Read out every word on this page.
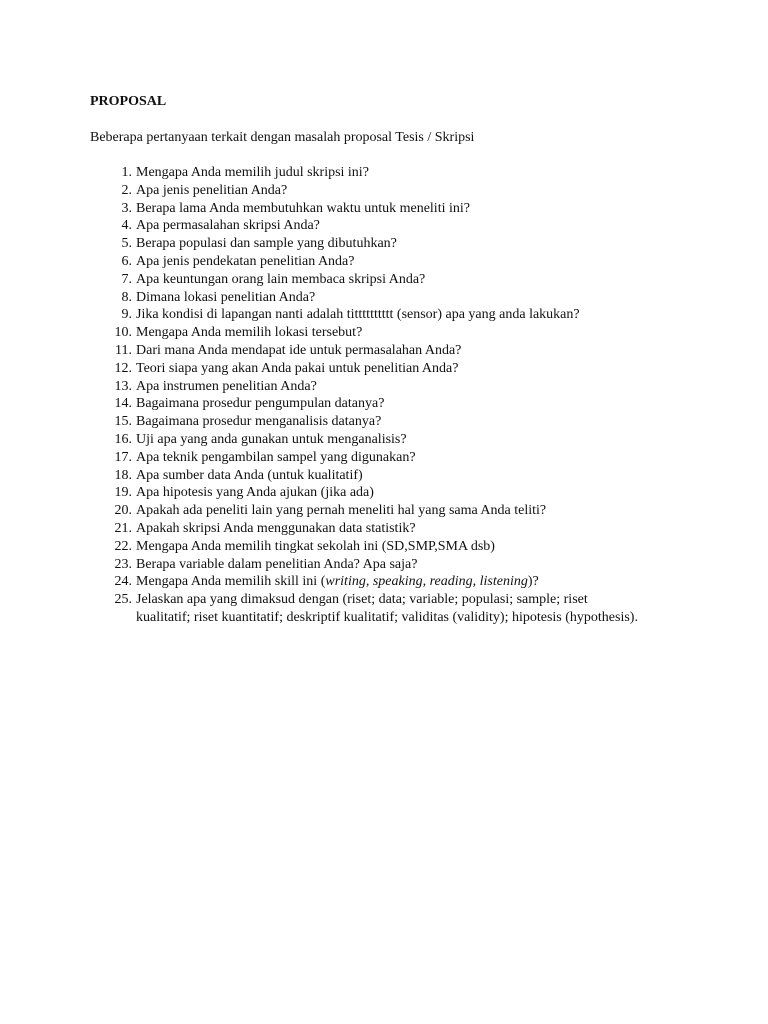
PROPOSAL
Beberapa pertanyaan terkait dengan masalah proposal Tesis / Skripsi
1. Mengapa Anda memilih judul skripsi ini?
2. Apa jenis penelitian Anda?
3. Berapa lama Anda membutuhkan waktu untuk meneliti ini?
4. Apa permasalahan skripsi Anda?
5. Berapa populasi dan sample yang dibutuhkan?
6. Apa jenis pendekatan penelitian Anda?
7. Apa keuntungan orang lain membaca skripsi Anda?
8. Dimana lokasi penelitian Anda?
9. Jika kondisi di lapangan nanti adalah titttttttttt (sensor) apa yang anda lakukan?
10. Mengapa Anda memilih lokasi tersebut?
11. Dari mana Anda mendapat ide untuk permasalahan Anda?
12. Teori siapa yang akan Anda pakai untuk penelitian Anda?
13. Apa instrumen penelitian Anda?
14. Bagaimana prosedur pengumpulan datanya?
15. Bagaimana prosedur menganalisis datanya?
16. Uji apa yang anda gunakan untuk menganalisis?
17. Apa teknik pengambilan sampel yang digunakan?
18. Apa sumber data Anda (untuk kualitatif)
19. Apa hipotesis yang Anda ajukan (jika ada)
20. Apakah ada peneliti lain yang pernah meneliti hal yang sama Anda teliti?
21. Apakah skripsi Anda menggunakan data statistik?
22. Mengapa Anda memilih tingkat sekolah ini (SD,SMP,SMA dsb)
23. Berapa variable dalam penelitian Anda? Apa saja?
24. Mengapa Anda memilih skill ini (writing, speaking, reading, listening)?
25. Jelaskan apa yang dimaksud dengan (riset; data; variable; populasi; sample; riset
kualitatif; riset kuantitatif; deskriptif kualitatif; validitas (validity); hipotesis (hypothesis).
